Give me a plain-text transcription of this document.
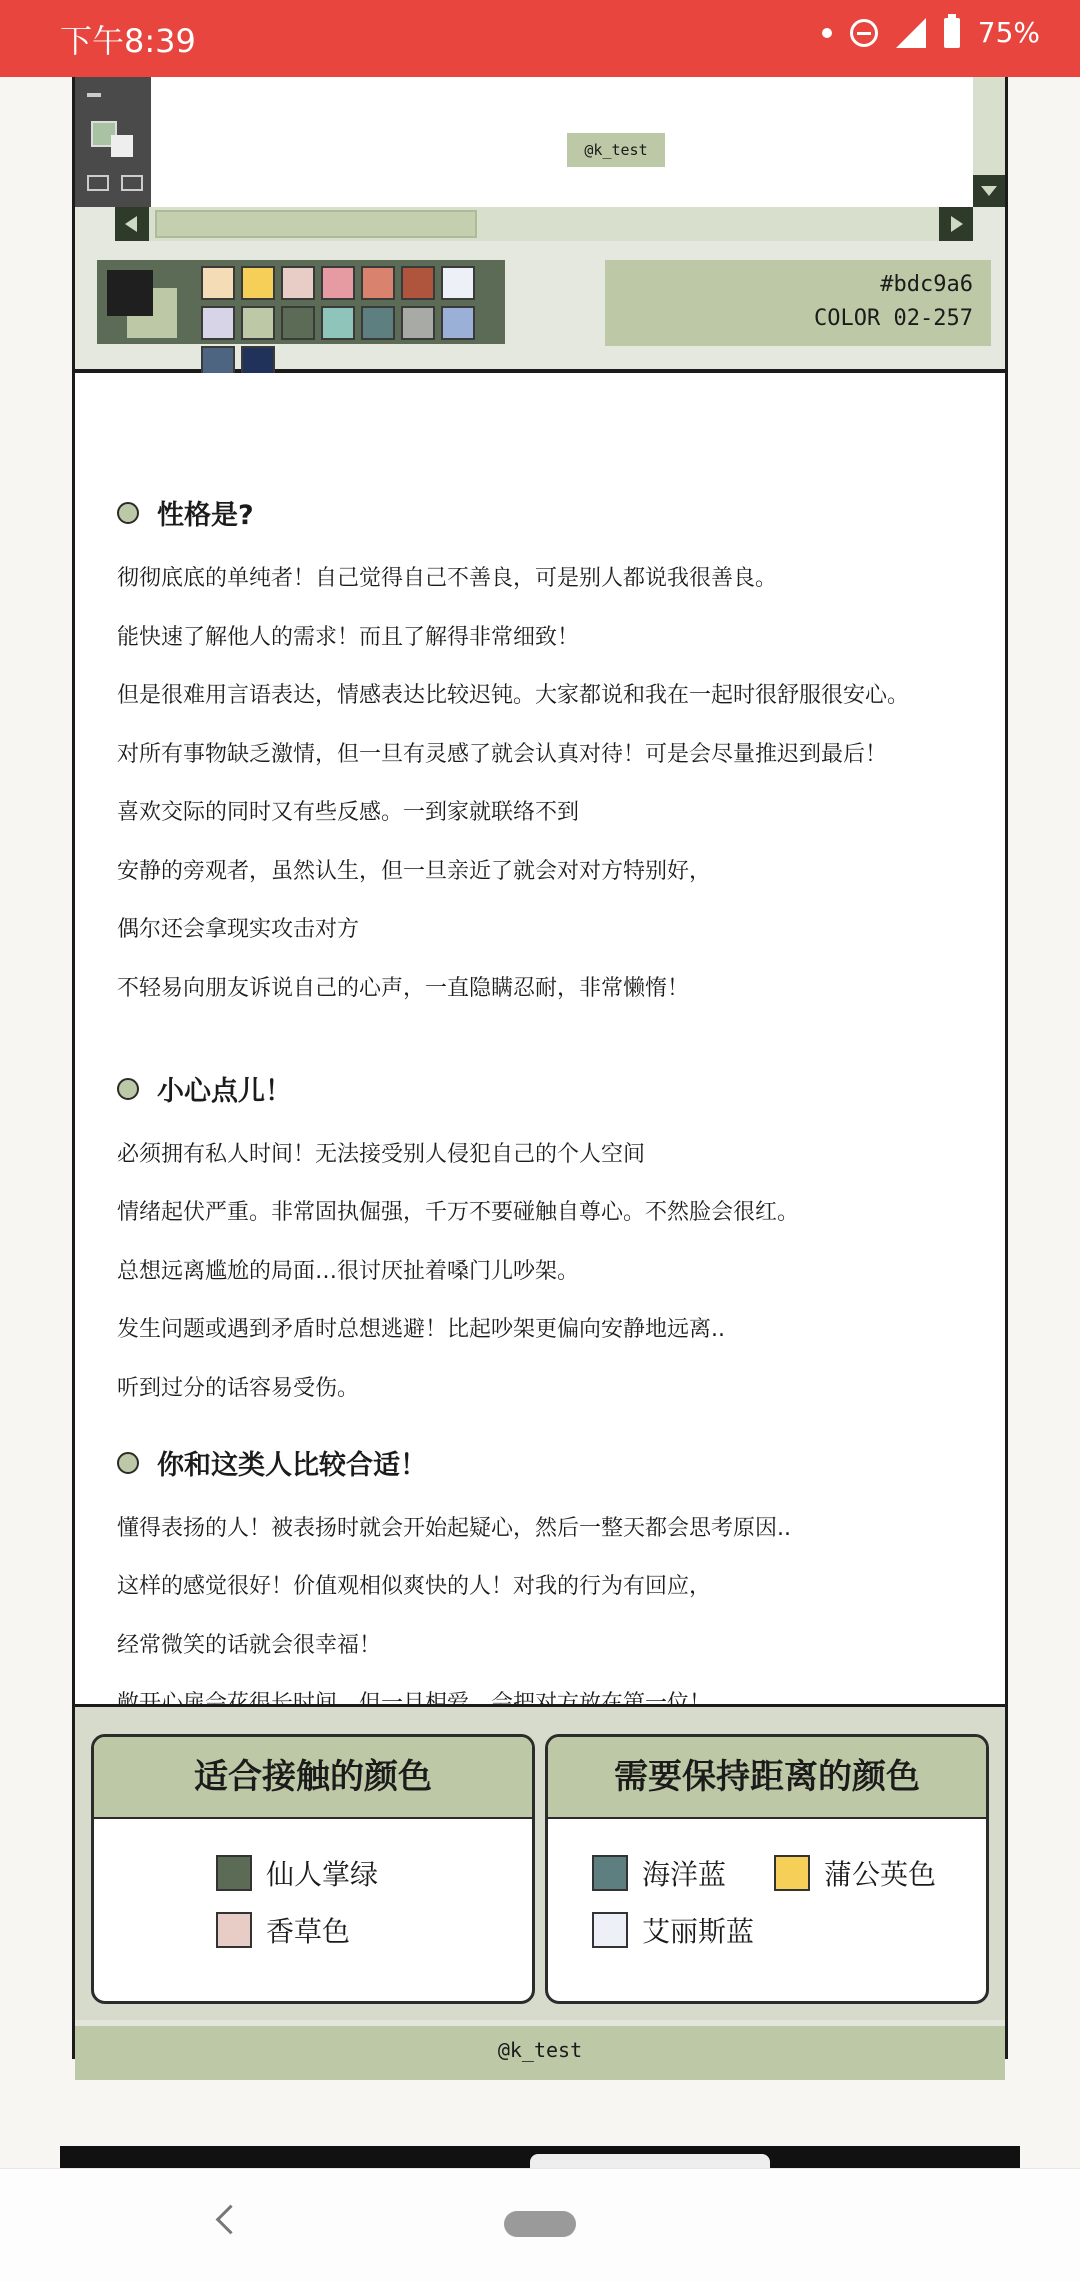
下午8:39	75%
@k_test
#bdc9a6
COLOR 02-257
性格是?
彻彻底底的单纯者！自己觉得自己不善良，可是别人都说我很善良。
能快速了解他人的需求！而且了解得非常细致！
但是很难用言语表达，情感表达比较迟钝。大家都说和我在一起时很舒服很安心。
对所有事物缺乏激情，但一旦有灵感了就会认真对待！可是会尽量推迟到最后！
喜欢交际的同时又有些反感。一到家就联络不到
安静的旁观者，虽然认生，但一旦亲近了就会对对方特别好，
偶尔还会拿现实攻击对方
不轻易向朋友诉说自己的心声，一直隐瞒忍耐，非常懒惰！
小心点儿！
必须拥有私人时间！无法接受别人侵犯自己的个人空间
情绪起伏严重。非常固执倔强，千万不要碰触自尊心。不然脸会很红。
总想远离尴尬的局面…很讨厌扯着嗓门儿吵架。
发生问题或遇到矛盾时总想逃避！比起吵架更偏向安静地远离..
听到过分的话容易受伤。
你和这类人比较合适！
懂得表扬的人！被表扬时就会开始起疑心，然后一整天都会思考原因..
这样的感觉很好！价值观相似爽快的人！对我的行为有回应，
经常微笑的话就会很幸福！
适合接触的颜色
仙人掌绿
香草色
需要保持距离的颜色
海洋蓝	蒲公英色
艾丽斯蓝
@k_test
